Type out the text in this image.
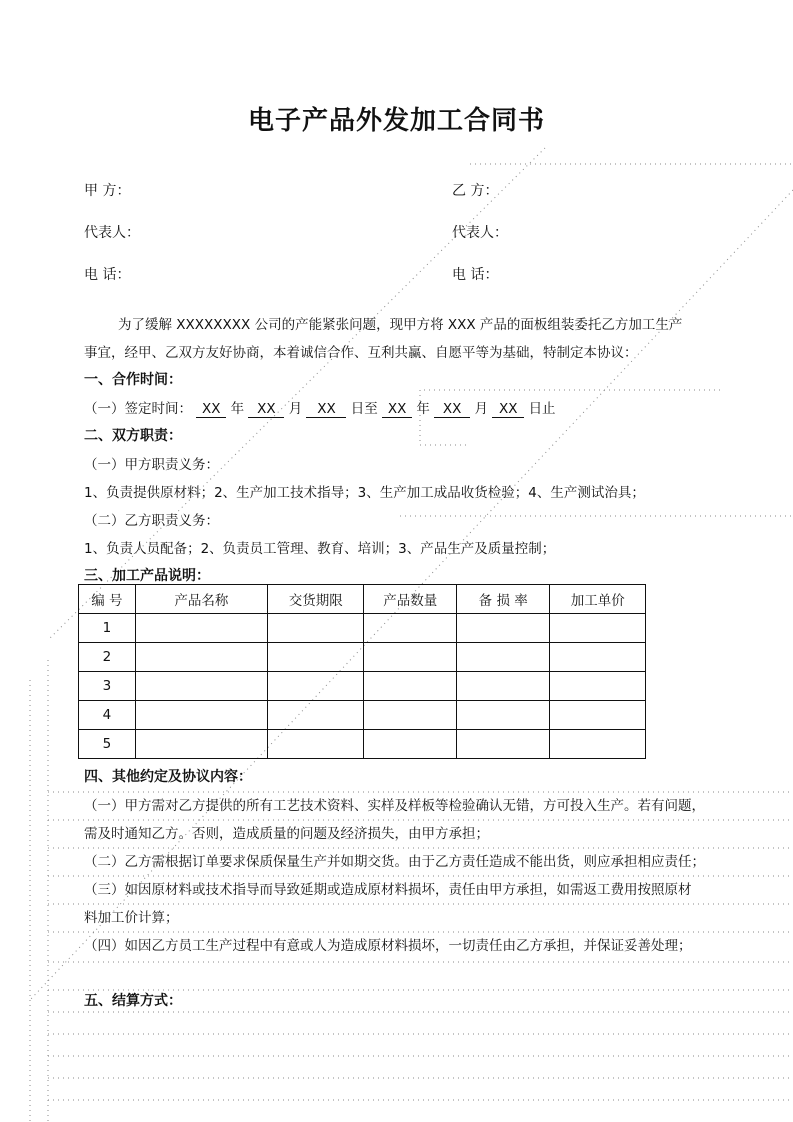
电子产品外发加工合同书
甲 方：	乙 方：
代表人：	代表人：
电 话：	电 话：
为了缓解 XXXXXXXX 公司的产能紧张问题，现甲方将 XXX 产品的面板组装委托乙方加工生产
事宜，经甲、乙双方友好协商，本着诚信合作、互利共赢、自愿平等为基础，特制定本协议：
一、合作时间：
（一）签定时间： XX 年 XX 月 XX 日至 XX 年 XX 月 XX 日止
二、双方职责：
（一）甲方职责义务：
1、负责提供原材料；2、生产加工技术指导；3、生产加工成品收货检验；4、生产测试治具；
（二）乙方职责义务：
1、负责人员配备；2、负责员工管理、教育、培训；3、产品生产及质量控制；
三、加工产品说明：
编 号	产品名称	交货期限	产品数量	备 损 率	加工单价
1					
2					
3					
4					
5					
四、其他约定及协议内容：
（一）甲方需对乙方提供的所有工艺技术资料、实样及样板等检验确认无错，方可投入生产。若有问题，
需及时通知乙方。否则，造成质量的问题及经济损失，由甲方承担；
（二）乙方需根据订单要求保质保量生产并如期交货。由于乙方责任造成不能出货，则应承担相应责任；
（三）如因原材料或技术指导而导致延期或造成原材料损坏，责任由甲方承担，如需返工费用按照原材
料加工价计算；
（四）如因乙方员工生产过程中有意或人为造成原材料损坏，一切责任由乙方承担，并保证妥善处理；
五、结算方式：
